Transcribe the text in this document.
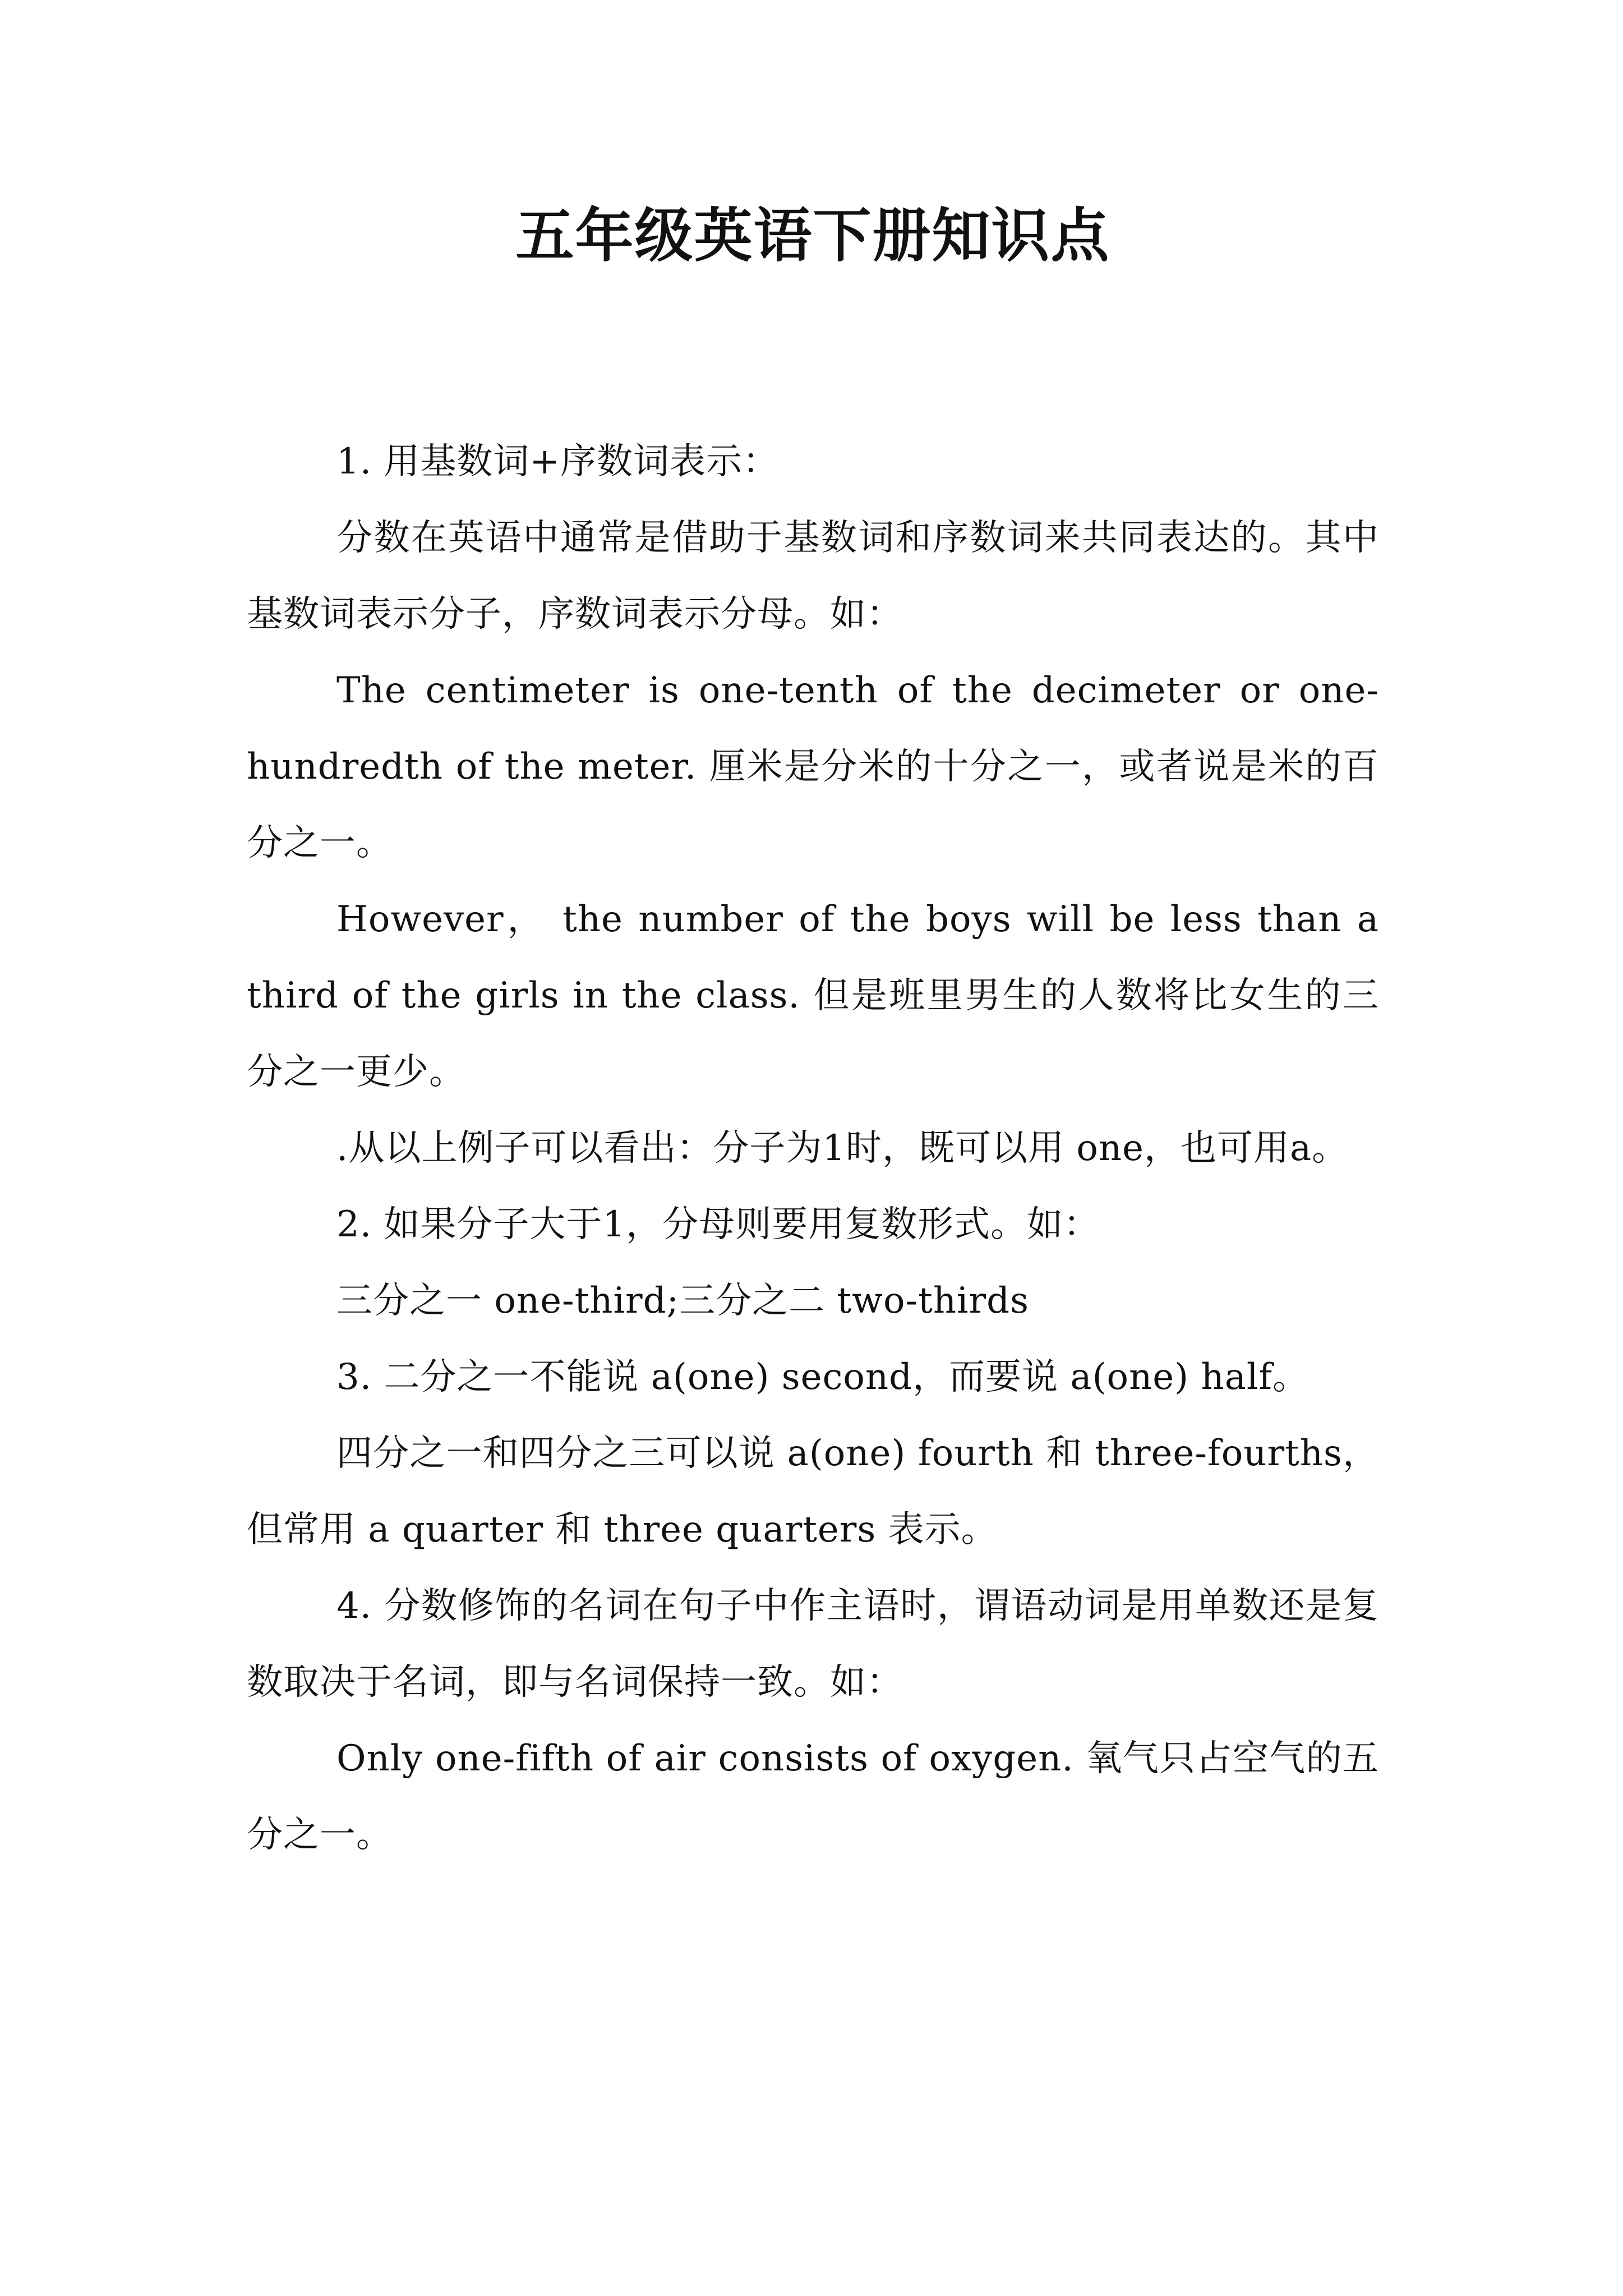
五年级英语下册知识点

1. 用基数词+序数词表示：

分数在英语中通常是借助于基数词和序数词来共同表达的。其中基数词表示分子，序数词表示分母。如：

The centimeter is one-tenth of the decimeter or one-hundredth of the meter. 厘米是分米的十分之一，或者说是米的百分之一。

However， the number of the boys will be less than a third of the girls in the class. 但是班里男生的人数将比女生的三分之一更少。

.从以上例子可以看出：分子为1时，既可以用 one，也可用a。

2. 如果分子大于1，分母则要用复数形式。如：

三分之一 one-third;三分之二 two-thirds

3. 二分之一不能说 a(one) second，而要说 a(one) half。

四分之一和四分之三可以说 a(one) fourth 和 three-fourths，但常用 a quarter 和 three quarters 表示。

4. 分数修饰的名词在句子中作主语时，谓语动词是用单数还是复数取决于名词，即与名词保持一致。如：

Only one-fifth of air consists of oxygen. 氧气只占空气的五分之一。
